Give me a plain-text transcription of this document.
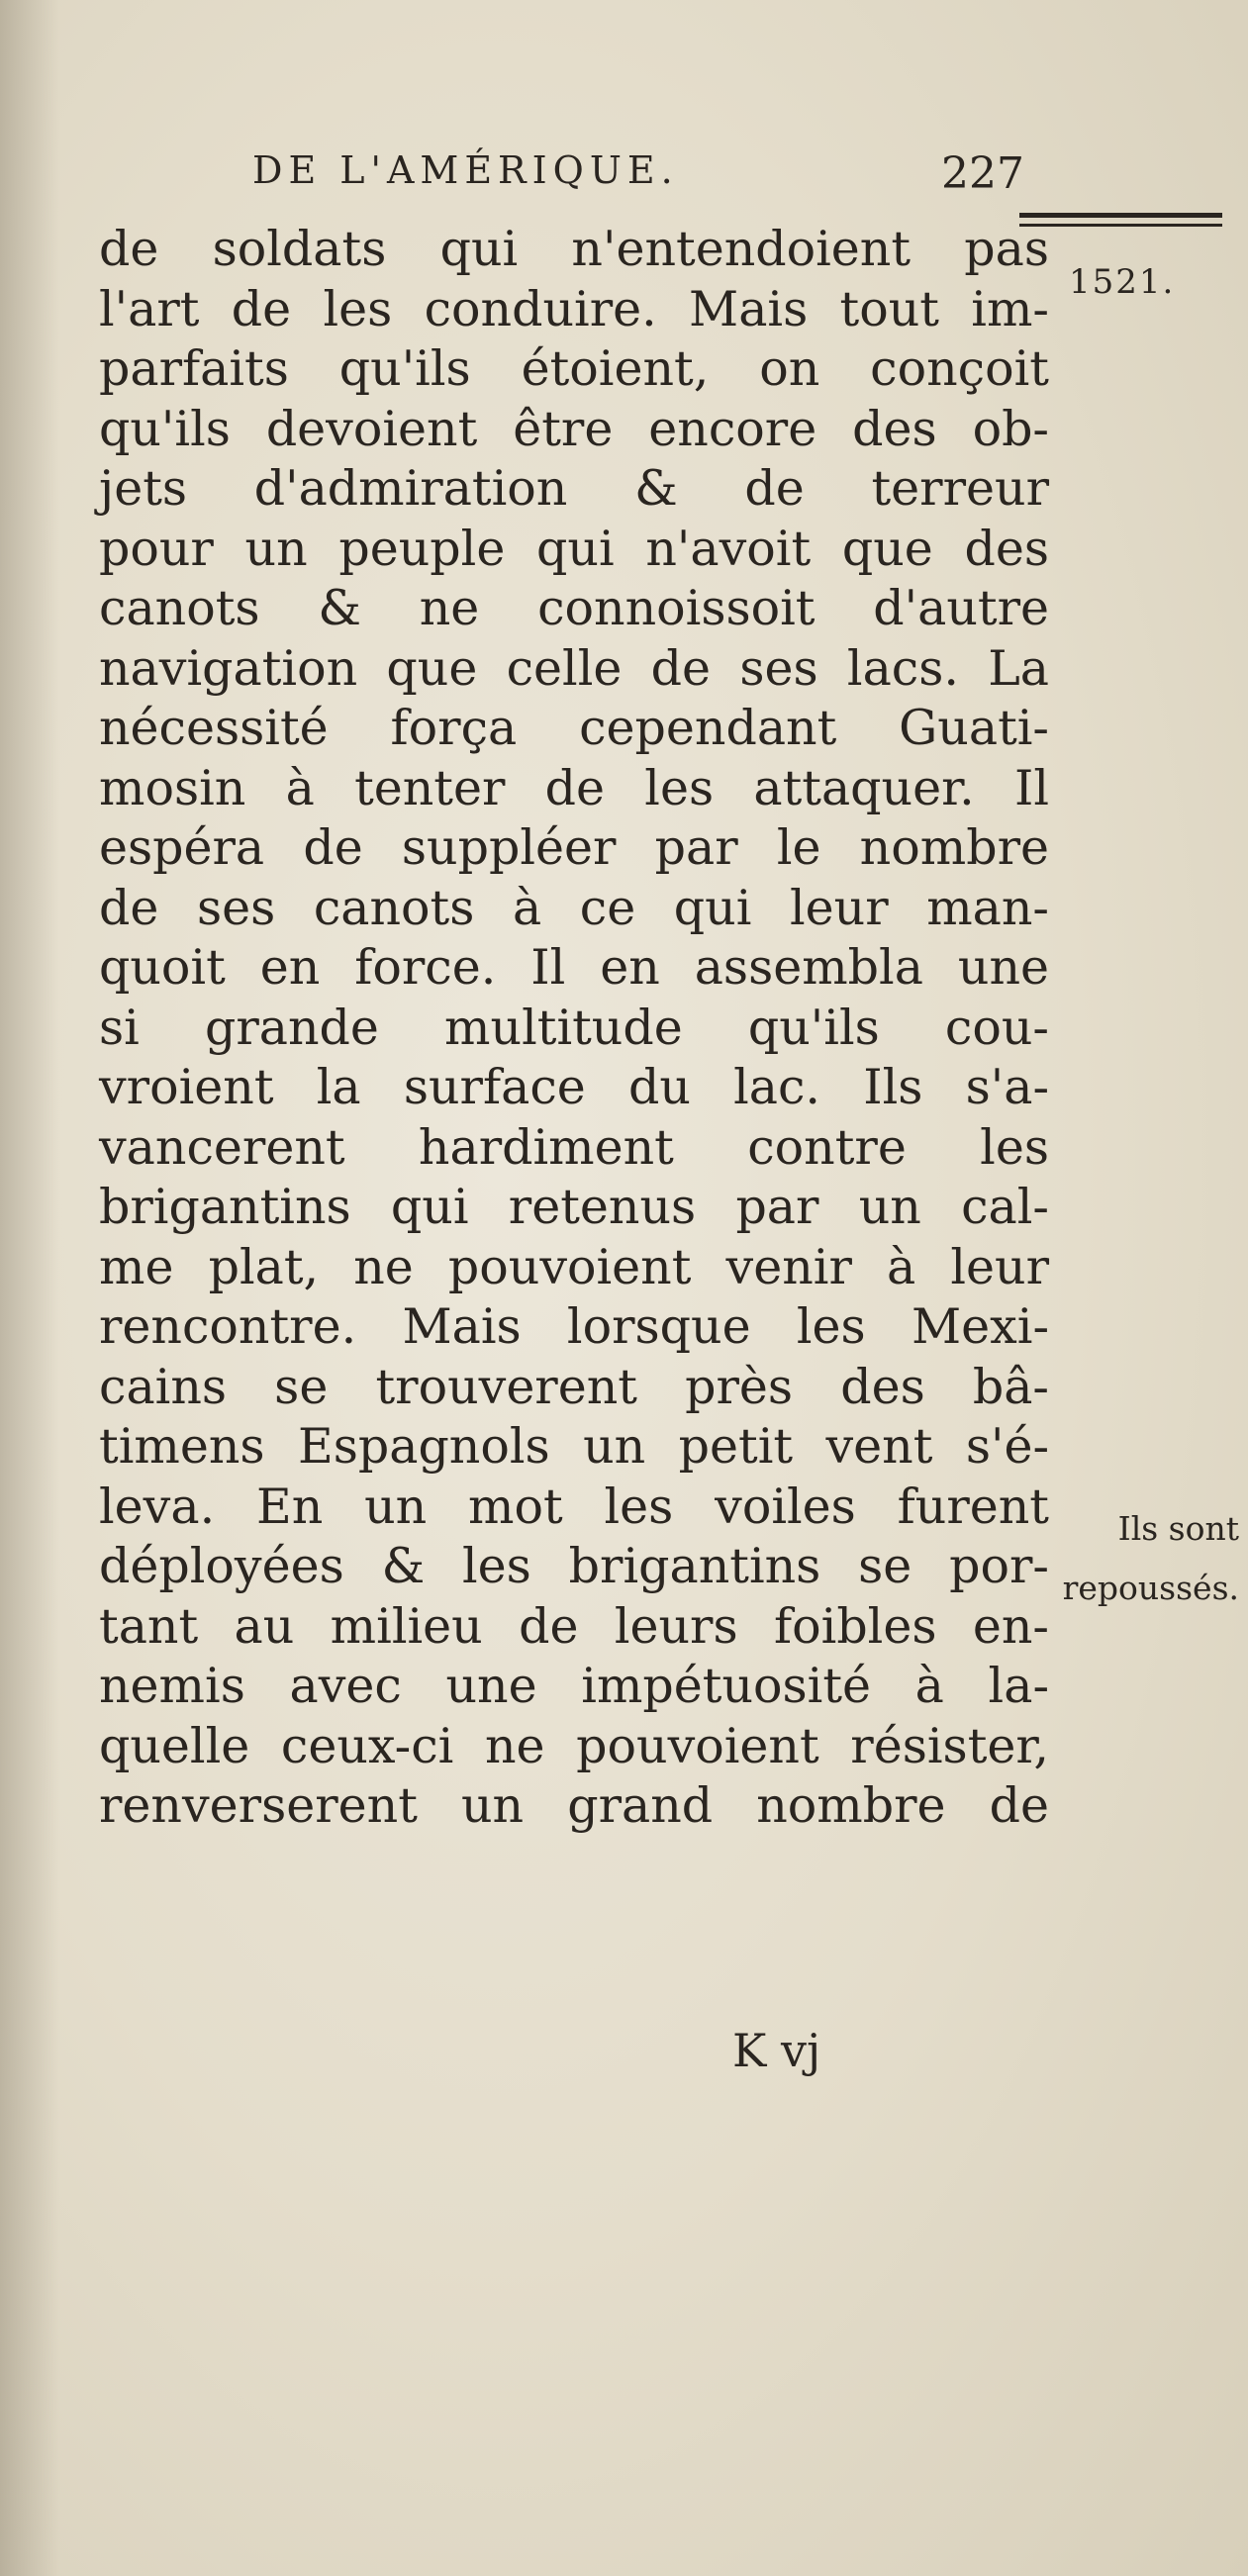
DE L'AMÉRIQUE.	227
1521.
de soldats qui n'entendoient pas
l'art de les conduire. Mais tout im-
parfaits qu'ils étoient, on conçoit
qu'ils devoient être encore des ob-
jets d'admiration & de terreur
pour un peuple qui n'avoit que des
canots & ne connoissoit d'autre
navigation que celle de ses lacs. La
nécessité força cependant Guati-
mosin à tenter de les attaquer. Il
espéra de suppléer par le nombre
de ses canots à ce qui leur man-
quoit en force. Il en assembla une
si grande multitude qu'ils cou-
vroient la surface du lac. Ils s'a-
vancerent hardiment contre les
brigantins qui retenus par un cal-
me plat, ne pouvoient venir à leur
rencontre. Mais lorsque les Mexi-
cains se trouverent près des bâ-
timens Espagnols un petit vent s'é-
leva. En un mot les voiles furent
déployées & les brigantins se por-
tant au milieu de leurs foibles en-
nemis avec une impétuosité à la-
quelle ceux-ci ne pouvoient résister,
renverserent un grand nombre de
Ils sont
repoussés.
K vj
